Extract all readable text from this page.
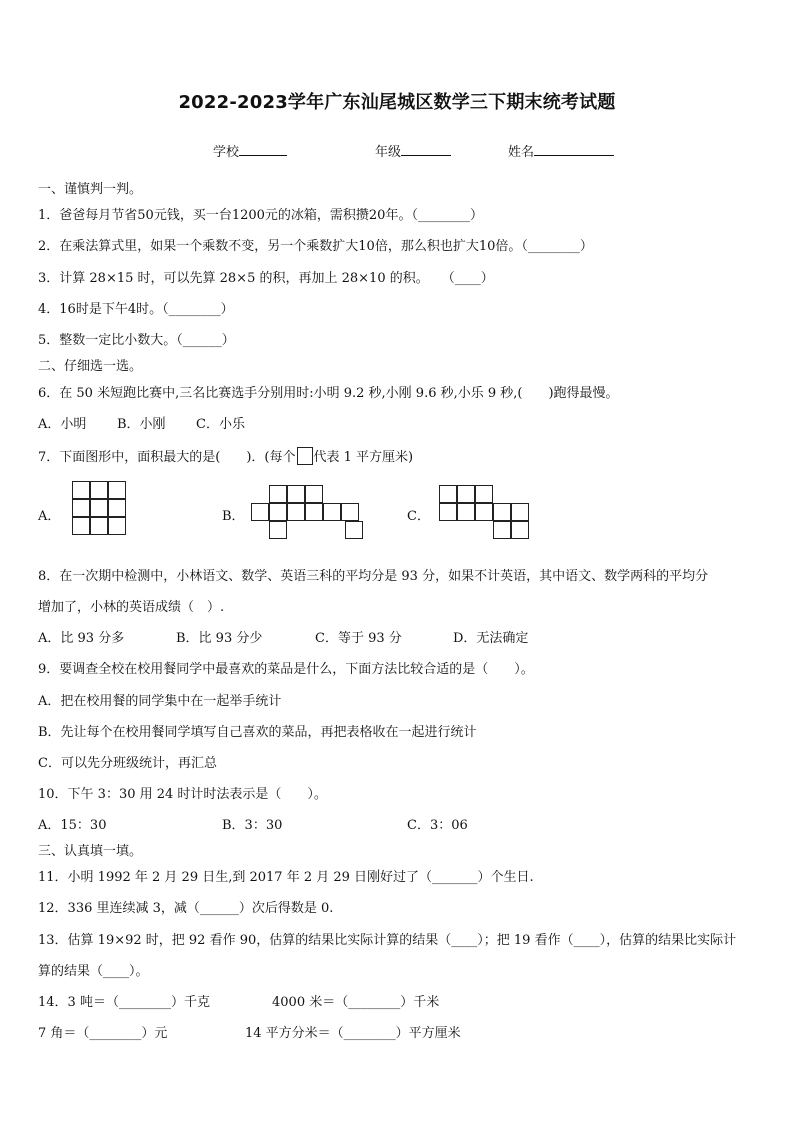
2022-2023学年广东汕尾城区数学三下期末统考试题
学校	年级	姓名
一、谨慎判一判。
1．爸爸每月节省50元钱，买一台1200元的冰箱，需积攒20年。（________）
2．在乘法算式里，如果一个乘数不变，另一个乘数扩大10倍，那么积也扩大10倍。（________）
3．计算 28×15 时，可以先算 28×5 的积，再加上 28×10 的积。　　（____）
4．16时是下午4时。（________）
5．整数一定比小数大。（______）
二、仔细选一选。
6．在 50 米短跑比赛中,三名比赛选手分别用时:小明 9.2 秒,小刚 9.6 秒,小乐 9 秒,(　　)跑得最慢。
A．小明 B．小刚 C．小乐
7．下面图形中，面积最大的是(　　)．(每个 代表 1 平方厘米)
A．	B．	C．
8．在一次期中检测中，小林语文、数学、英语三科的平均分是 93 分，如果不计英语，其中语文、数学两科的平均分
增加了，小林的英语成绩（　）.
A．比 93 分多	B．比 93 分少	C．等于 93 分	D．无法确定
9．要调查全校在校用餐同学中最喜欢的菜品是什么，下面方法比较合适的是（　　）。
A．把在校用餐的同学集中在一起举手统计
B．先让每个在校用餐同学填写自己喜欢的菜品，再把表格收在一起进行统计
C．可以先分班级统计，再汇总
10．下午 3：30 用 24 时计时法表示是（　　）。
A．15：30	B．3：30	C．3：06
三、认真填一填。
11．小明 1992 年 2 月 29 日生,到 2017 年 2 月 29 日刚好过了（_______）个生日.
12．336 里连续减 3，减（______）次后得数是 0.
13．估算 19×92 时，把 92 看作 90，估算的结果比实际计算的结果（____）；把 19 看作（____），估算的结果比实际计
算的结果（____）。
14．3 吨＝（________）千克	4000 米＝（________）千米
7 角＝（________）元	14 平方分米＝（________）平方厘米
